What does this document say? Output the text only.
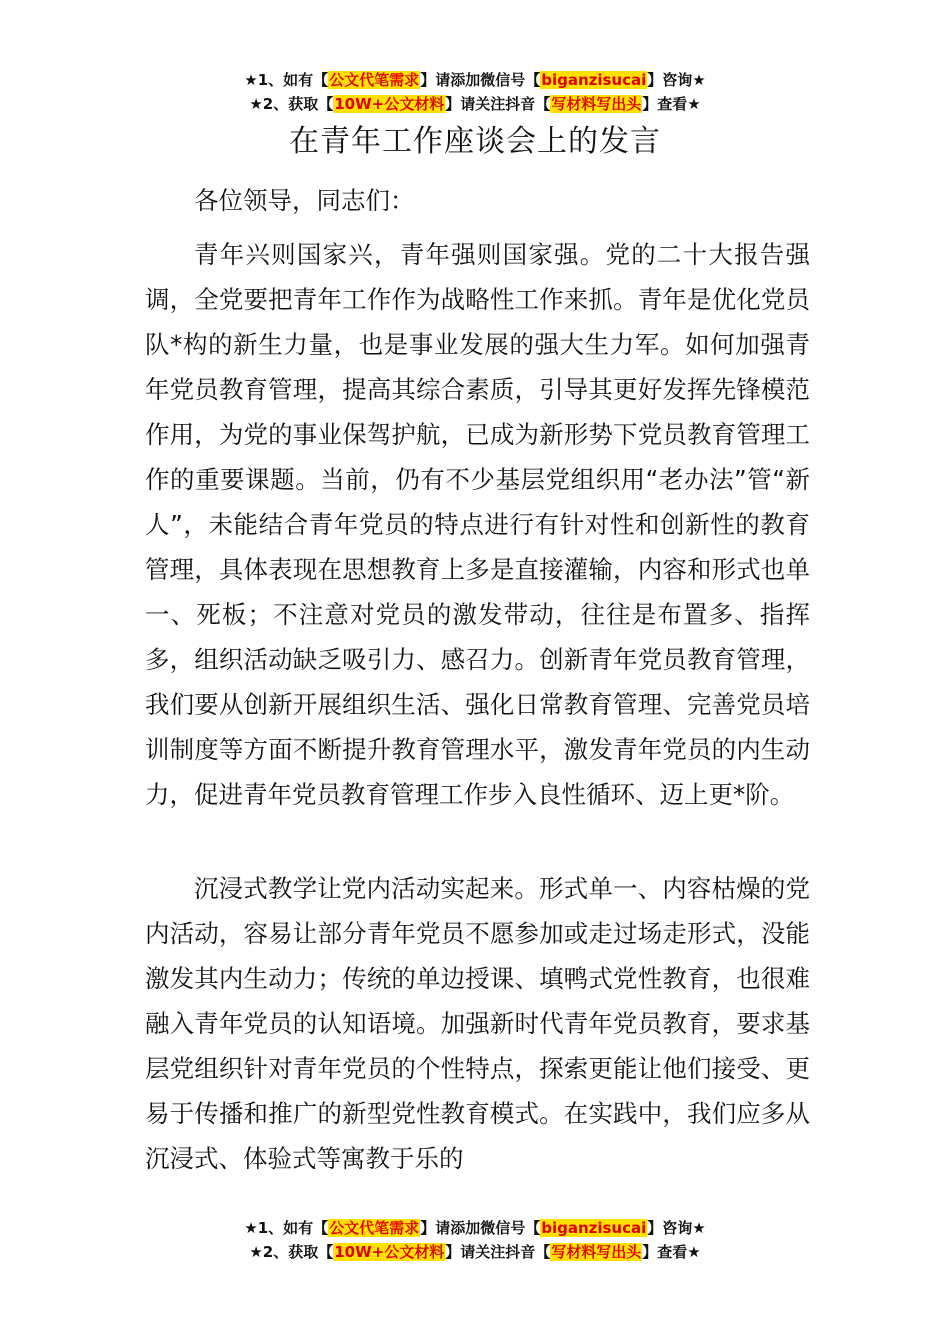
★1、如有【公文代笔需求】请添加微信号【biganzisucai】咨询★
★2、获取【10W+公文材料】请关注抖音【写材料写出头】查看★
在青年工作座谈会上的发言

各位领导，同志们：

青年兴则国家兴，青年强则国家强。党的二十大报告强调，全党要把青年工作作为战略性工作来抓。青年是优化党员队*构的新生力量，也是事业发展的强大生力军。如何加强青年党员教育管理，提高其综合素质，引导其更好发挥先锋模范作用，为党的事业保驾护航，已成为新形势下党员教育管理工作的重要课题。当前，仍有不少基层党组织用“老办法”管“新人”，未能结合青年党员的特点进行有针对性和创新性的教育管理，具体表现在思想教育上多是直接灌输，内容和形式也单一、死板；不注意对党员的激发带动，往往是布置多、指挥多，组织活动缺乏吸引力、感召力。创新青年党员教育管理，我们要从创新开展组织生活、强化日常教育管理、完善党员培训制度等方面不断提升教育管理水平，激发青年党员的内生动力，促进青年党员教育管理工作步入良性循环、迈上更*阶。

沉浸式教学让党内活动实起来。形式单一、内容枯燥的党内活动，容易让部分青年党员不愿参加或走过场走形式，没能激发其内生动力；传统的单边授课、填鸭式党性教育，也很难融入青年党员的认知语境。加强新时代青年党员教育，要求基层党组织针对青年党员的个性特点，探索更能让他们接受、更易于传播和推广的新型党性教育模式。在实践中，我们应多从沉浸式、体验式等寓教于乐的

★1、如有【公文代笔需求】请添加微信号【biganzisucai】咨询★
★2、获取【10W+公文材料】请关注抖音【写材料写出头】查看★
